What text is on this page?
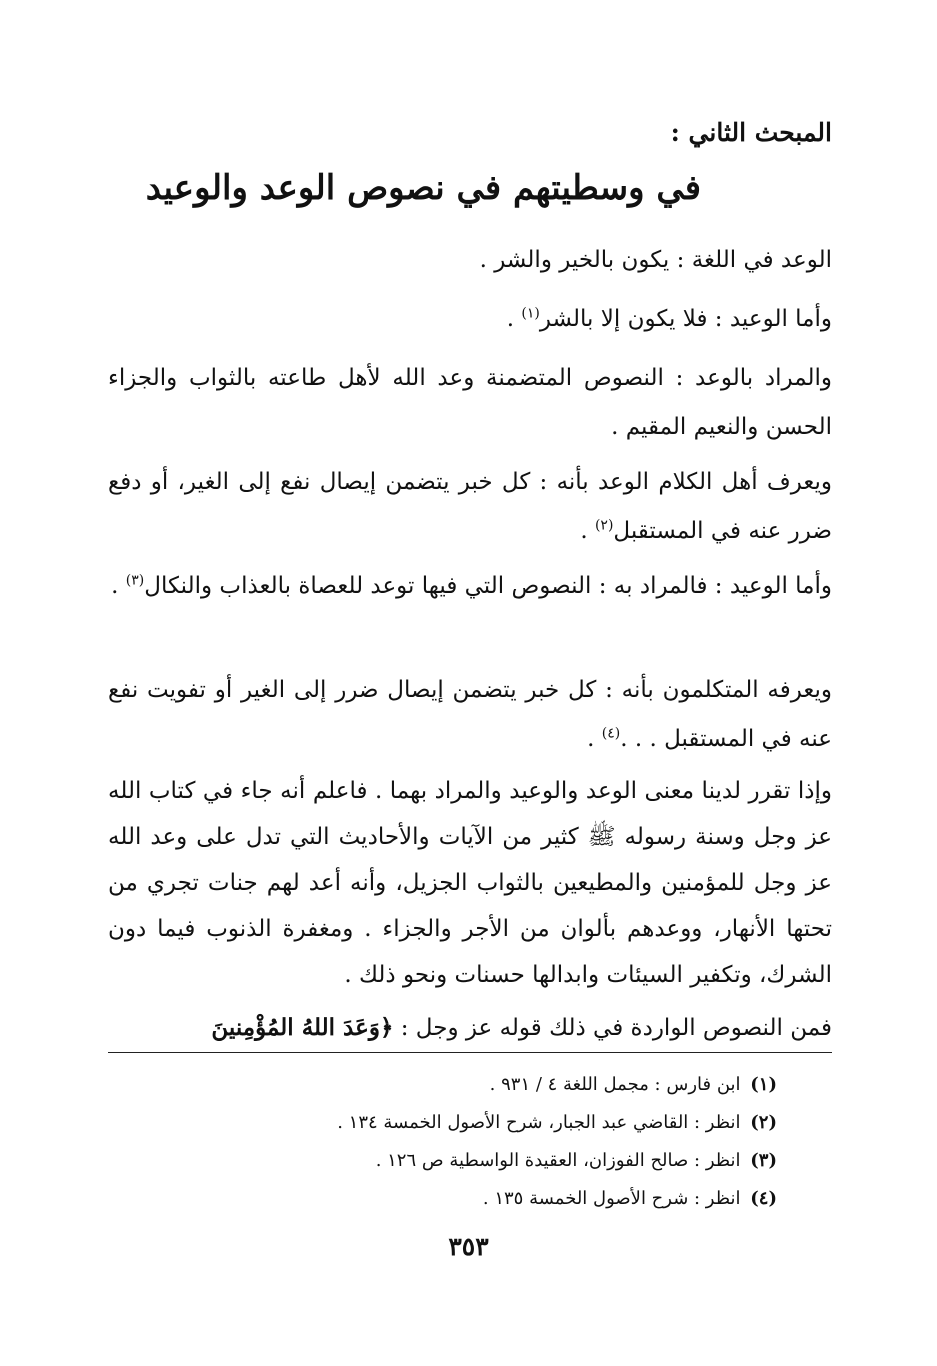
المبحث الثاني :
في وسطيتهم في نصوص الوعد والوعيد

الوعد في اللغة : يكون بالخير والشر .

وأما الوعيد : فلا يكون إلا بالشر$^{(١)}$ .

والمراد بالوعد : النصوص المتضمنة وعد الله لأهل طاعته بالثواب والجزاء الحسن والنعيم المقيم .

ويعرف أهل الكلام الوعد بأنه : كل خبر يتضمن إيصال نفع إلى الغير، أو دفع ضرر عنه في المستقبل$^{(٢)}$ .

وأما الوعيد : فالمراد به : النصوص التي فيها توعد للعصاة بالعذاب والنكال$^{(٣)}$ .

ويعرفه المتكلمون بأنه : كل خبر يتضمن إيصال ضرر إلى الغير أو تفويت نفع عنه في المستقبل . . .$^{(٤)}$ .

وإذا تقرر لدينا معنى الوعد والوعيد والمراد بهما . فاعلم أنه جاء في كتاب الله عز وجل وسنة رسوله ﷺ كثير من الآيات والأحاديث التي تدل على وعد الله عز وجل للمؤمنين والمطيعين بالثواب الجزيل، وأنه أعد لهم جنات تجري من تحتها الأنهار، ووعدهم بألوان من الأجر والجزاء . ومغفرة الذنوب فيما دون الشرك، وتكفير السيئات وابدالها حسنات ونحو ذلك .

فمن النصوص الواردة في ذلك قوله عز وجل : ﴿وَعَدَ اللهُ المُؤْمِنينَ

(١) ابن فارس : مجمل اللغة ٤ / ٩٣١ .
(٢) انظر : القاضي عبد الجبار، شرح الأصول الخمسة ١٣٤ .
(٣) انظر : صالح الفوزان، العقيدة الواسطية ص ١٢٦ .
(٤) انظر : شرح الأصول الخمسة ١٣٥ .
٣٥٣
